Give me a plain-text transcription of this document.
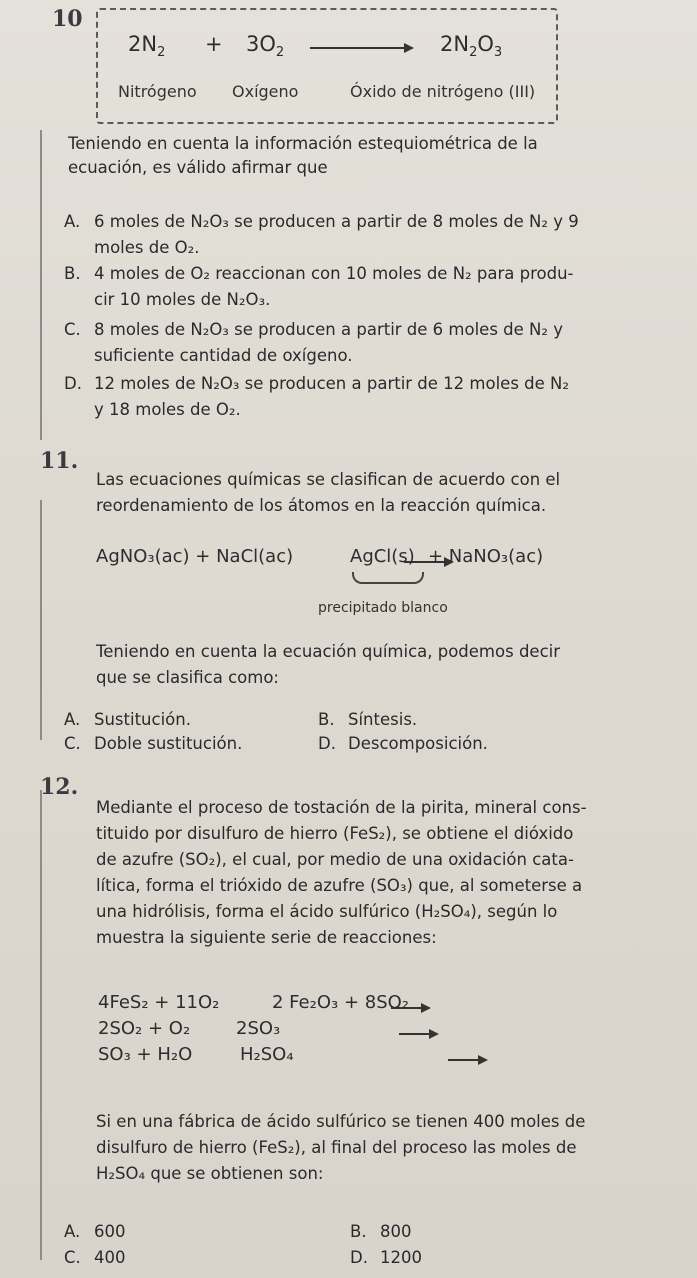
10
$2N_2 + 3O_2$
	$2N_2O_3$
Nitrógeno Oxígeno	Óxido de nitrógeno (III)
Teniendo en cuenta la información estequiométrica de la
ecuación, es válido afirmar que
A. 6 moles de N₂O₃ se producen a partir de 8 moles de N₂ y 9
moles de O₂.
B. 4 moles de O₂ reaccionan con 10 moles de N₂ para produ-
cir 10 moles de N₂O₃.
C. 8 moles de N₂O₃ se producen a partir de 6 moles de N₂ y
suficiente cantidad de oxígeno.
D. 12 moles de N₂O₃ se producen a partir de 12 moles de N₂
y 18 moles de O₂.
11.
Las ecuaciones químicas se clasifican de acuerdo con el
reordenamiento de los átomos en la reacción química.
AgNO₃(ac) + NaCl(ac)
	AgCl(s) + NaNO₃(ac)
precipitado blanco
Teniendo en cuenta la ecuación química, podemos decir
que se clasifica como:
A. Sustitución.	B. Síntesis.
C. Doble sustitución.	D. Descomposición.
12.
Mediante el proceso de tostación de la pirita, mineral cons-
tituido por disulfuro de hierro (FeS₂), se obtiene el dióxido
de azufre (SO₂), el cual, por medio de una oxidación cata-
lítica, forma el trióxido de azufre (SO₃) que, al someterse a
una hidrólisis, forma el ácido sulfúrico (H₂SO₄), según lo
muestra la siguiente serie de reacciones:
4FeS₂ + 11O₂
	2 Fe₂O₃ + 8SO₂
2SO₂ + O₂
	2SO₃
SO₃ + H₂O	H₂SO₄
Si en una fábrica de ácido sulfúrico se tienen 400 moles de
disulfuro de hierro (FeS₂), al final del proceso las moles de
H₂SO₄ que se obtienen son:
A. 600	B. 800
C. 400	D. 1200
